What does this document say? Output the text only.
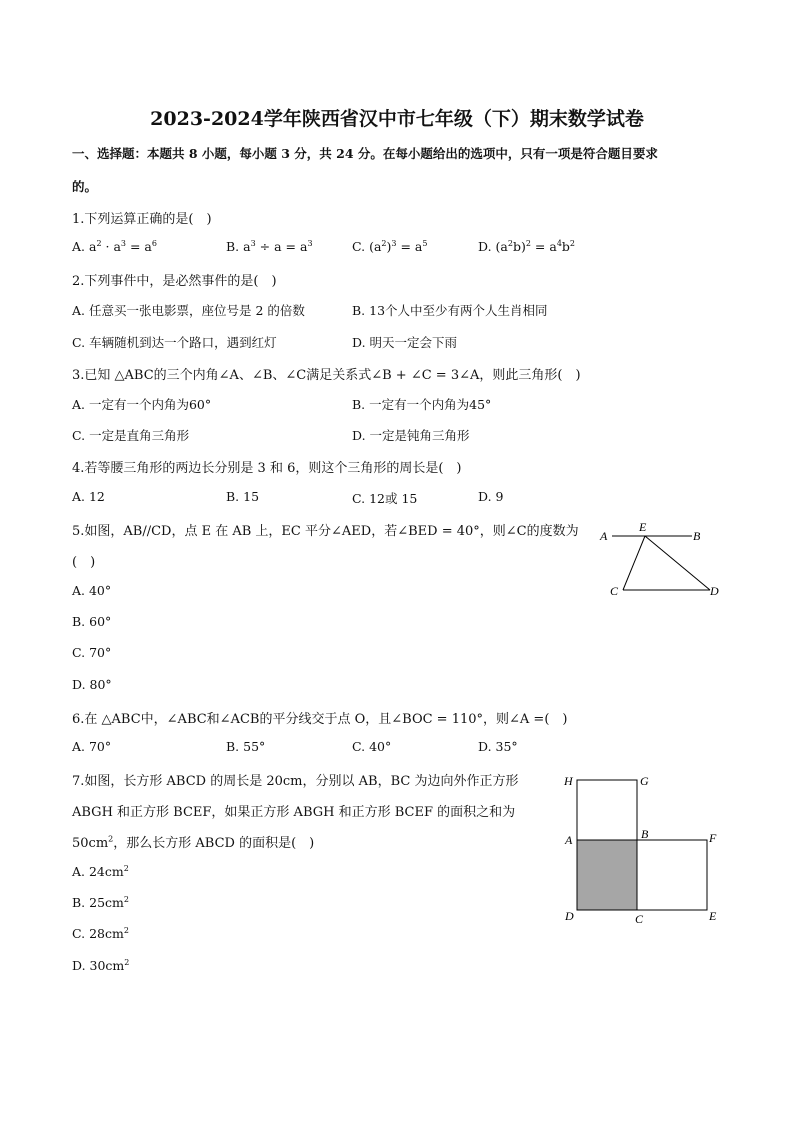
2023-2024学年陕西省汉中市七年级（下）期末数学试卷
一、选择题：本题共 8 小题，每小题 3 分，共 24 分。在每小题给出的选项中，只有一项是符合题目要求
的。
1.下列运算正确的是(　)
A. $a^2 \cdot a^3 = a^6$	B. $a^3 \div a = a^3$	C. $(a^2)^3 = a^5$	D. $(a^2b)^2 = a^4b^2$
2.下列事件中，是必然事件的是(　)
A. 任意买一张电影票，座位号是 2 的倍数	B. 13个人中至少有两个人生肖相同
C. 车辆随机到达一个路口，遇到红灯	D. 明天一定会下雨
3.已知 △ABC的三个内角∠A、∠B、∠C满足关系式∠B + ∠C = 3∠A，则此三角形(　)
A. 一定有一个内角为60°	B. 一定有一个内角为45°
C. 一定是直角三角形	D. 一定是钝角三角形
4.若等腰三角形的两边长分别是 3 和 6，则这个三角形的周长是(　)
A. 12	B. 15	C. 12或 15	D. 9
5.如图，AB//CD，点 E 在 AB 上，EC 平分∠AED，若∠BED = 40°，则∠C的度数为
(　)
A. 40°
B. 60°
C. 70°
D. 80°
A
E
B
C	D
6.在 △ABC中，∠ABC和∠ACB的平分线交于点 O，且∠BOC = 110°，则∠A =(　)
A. 70°	B. 55°	C. 40°	D. 35°
7.如图，长方形 ABCD 的周长是 20cm，分别以 AB，BC 为边向外作正方形
ABGH 和正方形 BCEF，如果正方形 ABGH 和正方形 BCEF 的面积之和为
$50cm^2$，那么长方形 ABCD 的面积是(　)
A. $24cm^2$
B. $25cm^2$
C. $28cm^2$
D. $30cm^2$
H	G
A	B	F
D	C	E
